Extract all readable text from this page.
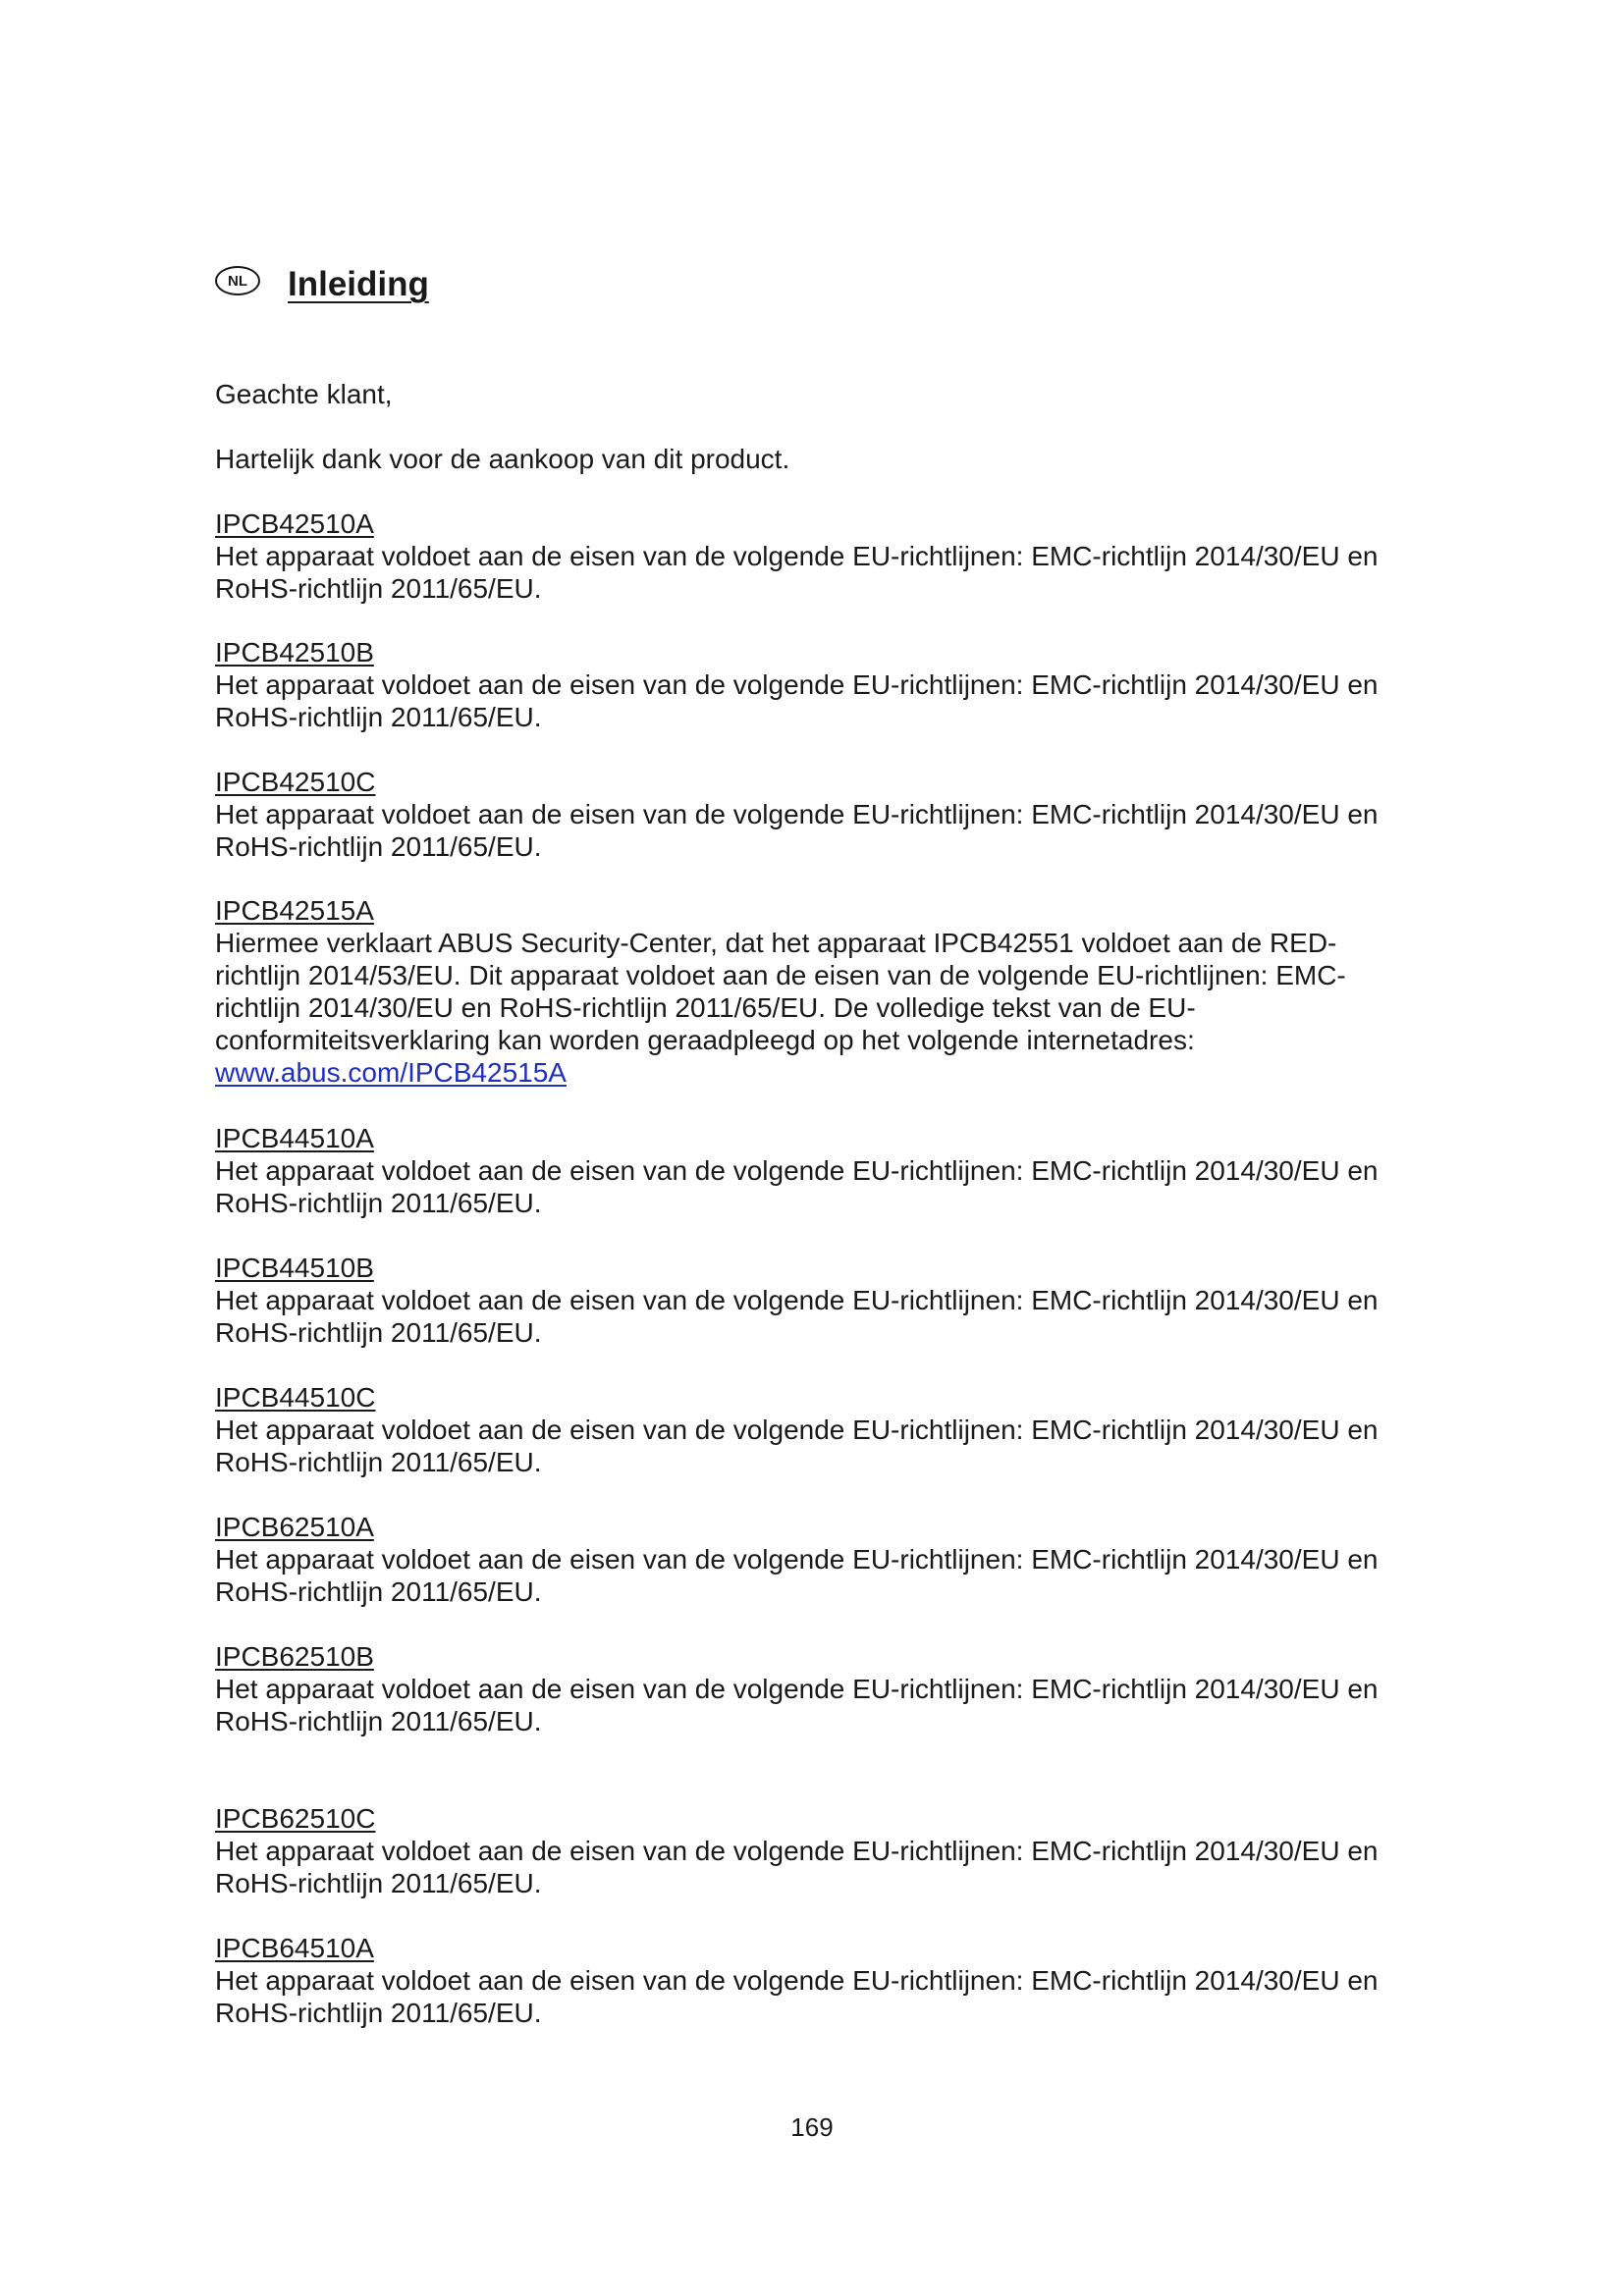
NL	Inleiding

Geachte klant,

Hartelijk dank voor de aankoop van dit product.

IPCB42510A
Het apparaat voldoet aan de eisen van de volgende EU-richtlijnen: EMC-richtlijn 2014/30/EU en
RoHS-richtlijn 2011/65/EU.
IPCB42510B
Het apparaat voldoet aan de eisen van de volgende EU-richtlijnen: EMC-richtlijn 2014/30/EU en
RoHS-richtlijn 2011/65/EU.
IPCB42510C
Het apparaat voldoet aan de eisen van de volgende EU-richtlijnen: EMC-richtlijn 2014/30/EU en
RoHS-richtlijn 2011/65/EU.
IPCB42515A
Hiermee verklaart ABUS Security-Center, dat het apparaat IPCB42551 voldoet aan de RED-
richtlijn 2014/53/EU. Dit apparaat voldoet aan de eisen van de volgende EU-richtlijnen: EMC-
richtlijn 2014/30/EU en RoHS-richtlijn 2011/65/EU. De volledige tekst van de EU-
conformiteitsverklaring kan worden geraadpleegd op het volgende internetadres:
www.abus.com/IPCB42515A
IPCB44510A
Het apparaat voldoet aan de eisen van de volgende EU-richtlijnen: EMC-richtlijn 2014/30/EU en
RoHS-richtlijn 2011/65/EU.
IPCB44510B
Het apparaat voldoet aan de eisen van de volgende EU-richtlijnen: EMC-richtlijn 2014/30/EU en
RoHS-richtlijn 2011/65/EU.
IPCB44510C
Het apparaat voldoet aan de eisen van de volgende EU-richtlijnen: EMC-richtlijn 2014/30/EU en
RoHS-richtlijn 2011/65/EU.
IPCB62510A
Het apparaat voldoet aan de eisen van de volgende EU-richtlijnen: EMC-richtlijn 2014/30/EU en
RoHS-richtlijn 2011/65/EU.
IPCB62510B
Het apparaat voldoet aan de eisen van de volgende EU-richtlijnen: EMC-richtlijn 2014/30/EU en
RoHS-richtlijn 2011/65/EU.
IPCB62510C
Het apparaat voldoet aan de eisen van de volgende EU-richtlijnen: EMC-richtlijn 2014/30/EU en
RoHS-richtlijn 2011/65/EU.
IPCB64510A
Het apparaat voldoet aan de eisen van de volgende EU-richtlijnen: EMC-richtlijn 2014/30/EU en
RoHS-richtlijn 2011/65/EU.
169
